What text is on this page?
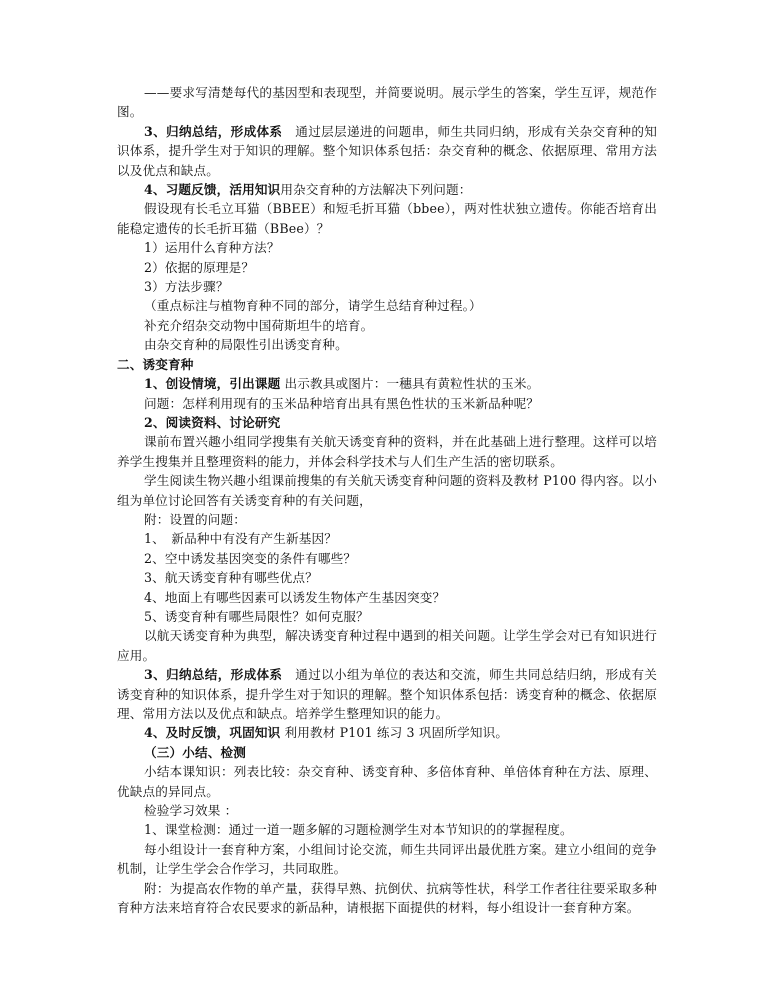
——要求写清楚每代的基因型和表现型，并简要说明。展示学生的答案，学生互评，规范作图。

3、归纳总结，形成体系　通过层层递进的问题串，师生共同归纳，形成有关杂交育种的知识体系，提升学生对于知识的理解。整个知识体系包括：杂交育种的概念、依据原理、常用方法以及优点和缺点。

4、习题反馈，活用知识用杂交育种的方法解决下列问题：

假设现有长毛立耳猫（BBEE）和短毛折耳猫（bbee），两对性状独立遗传。你能否培育出能稳定遗传的长毛折耳猫（BBee）？

1）运用什么育种方法？

2）依据的原理是？

3）方法步骤？

（重点标注与植物育种不同的部分，请学生总结育种过程。）

补充介绍杂交动物中国荷斯坦牛的培育。

由杂交育种的局限性引出诱变育种。

二、诱变育种

1、创设情境，引出课题 出示教具或图片：一穗具有黄粒性状的玉米。

问题：怎样利用现有的玉米品种培育出具有黑色性状的玉米新品种呢？

2、阅读资料、讨论研究

课前布置兴趣小组同学搜集有关航天诱变育种的资料，并在此基础上进行整理。这样可以培养学生搜集并且整理资料的能力，并体会科学技术与人们生产生活的密切联系。

学生阅读生物兴趣小组课前搜集的有关航天诱变育种问题的资料及教材 P100 得内容。以小组为单位讨论回答有关诱变育种的有关问题，

附：设置的问题：

1、　新品种中有没有产生新基因？

2、空中诱发基因突变的条件有哪些？

3、航天诱变育种有哪些优点？

4、地面上有哪些因素可以诱发生物体产生基因突变？

5、诱变育种有哪些局限性？如何克服？

以航天诱变育种为典型，解决诱变育种过程中遇到的相关问题。让学生学会对已有知识进行应用。

3、归纳总结，形成体系　通过以小组为单位的表达和交流，师生共同总结归纳，形成有关诱变育种的知识体系，提升学生对于知识的理解。整个知识体系包括：诱变育种的概念、依据原理、常用方法以及优点和缺点。培养学生整理知识的能力。

4、及时反馈，巩固知识 利用教材 P101 练习 3 巩固所学知识。

（三）小结、检测

小结本课知识：列表比较：杂交育种、诱变育种、多倍体育种、单倍体育种在方法、原理、优缺点的异同点。

检验学习效果 ：

1、课堂检测：通过一道一题多解的习题检测学生对本节知识的的掌握程度。

每小组设计一套育种方案，小组间讨论交流，师生共同评出最优胜方案。建立小组间的竞争机制，让学生学会合作学习，共同取胜。

附：为提高农作物的单产量，获得早熟、抗倒伏、抗病等性状，科学工作者往往要采取多种育种方法来培育符合农民要求的新品种，请根据下面提供的材料，每小组设计一套育种方案。
